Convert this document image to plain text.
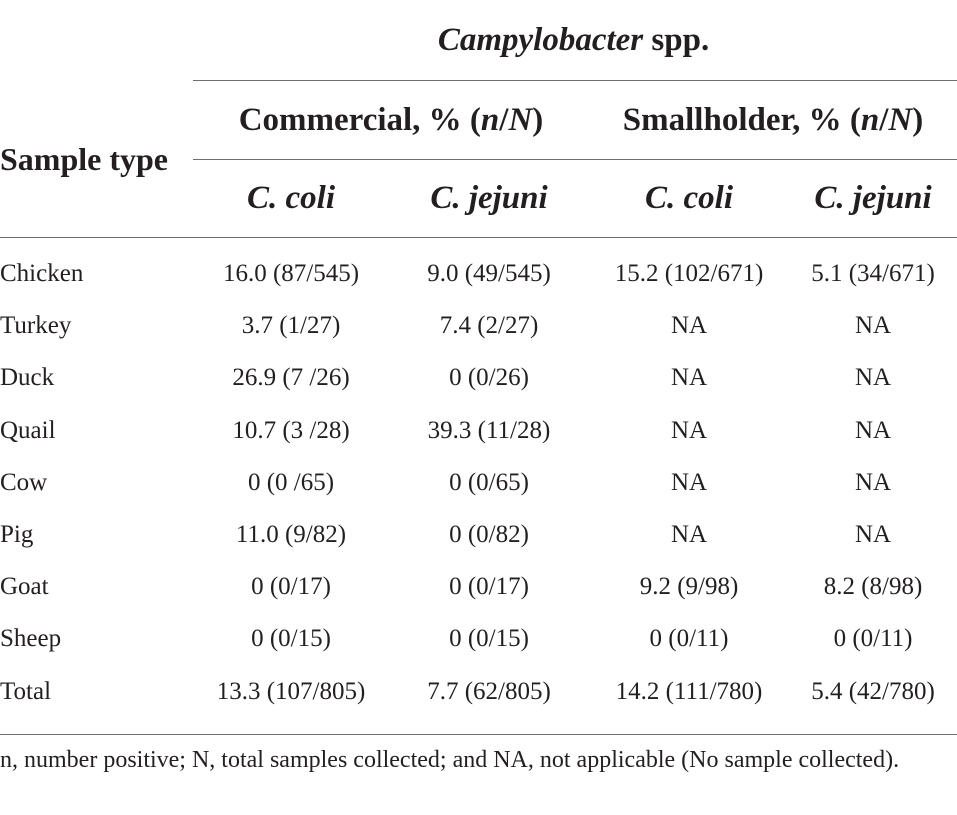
Campylobacter spp.				
Sample type	Commercial, % (n/N)		Smallholder, % (n/N)	
	C. coli	C. jejuni	C. coli	C. jejuni
Chicken	16.0 (87/545)	9.0 (49/545)	15.2 (102/671)	5.1 (34/671)
Turkey	3.7 (1/27)	7.4 (2/27)	NA	NA
Duck	26.9 (7 /26)	0 (0/26)	NA	NA
Quail	10.7 (3 /28)	39.3 (11/28)	NA	NA
Cow	0 (0 /65)	0 (0/65)	NA	NA
Pig	11.0 (9/82)	0 (0/82)	NA	NA
Goat	0 (0/17)	0 (0/17)	9.2 (9/98)	8.2 (8/98)
Sheep	0 (0/15)	0 (0/15)	0 (0/11)	0 (0/11)
Total	13.3 (107/805)	7.7 (62/805)	14.2 (111/780)	5.4 (42/780)
n, number positive; N, total samples collected; and NA, not applicable (No sample collected).
